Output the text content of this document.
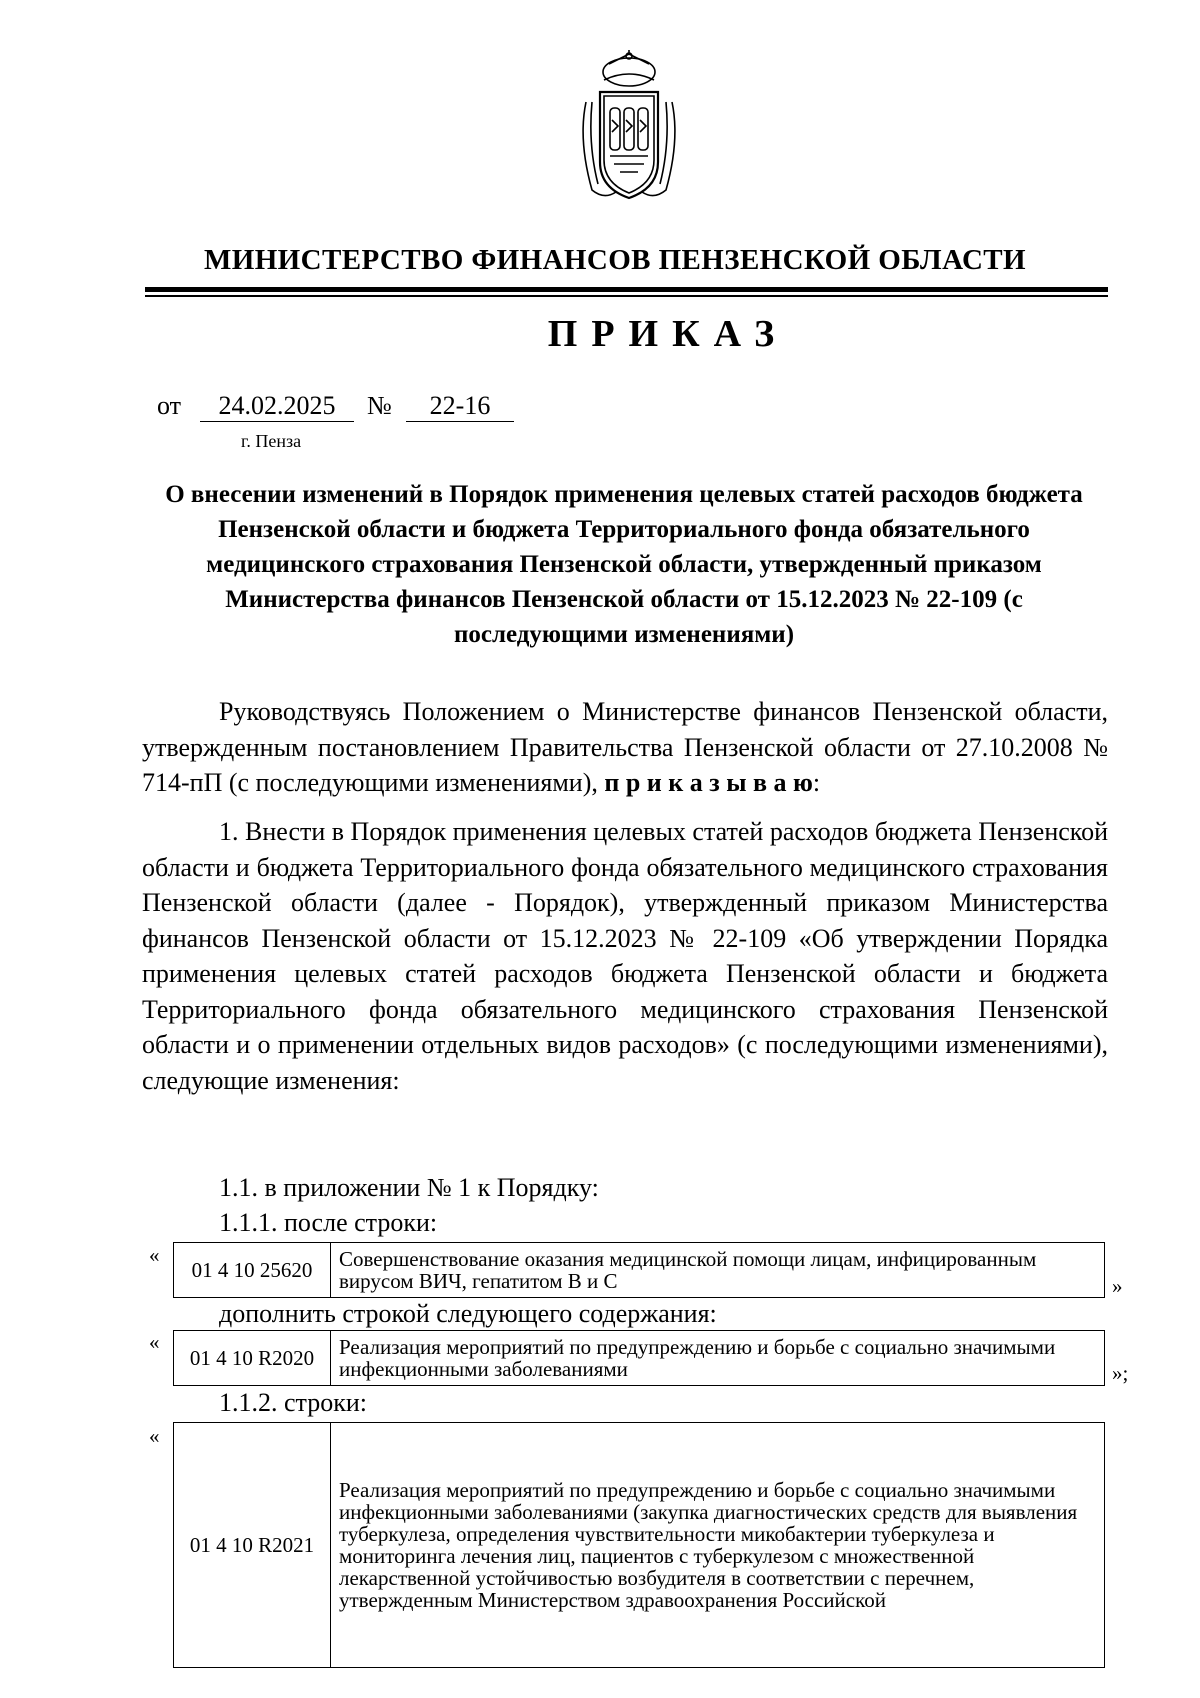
МИНИСТЕРСТВО ФИНАНСОВ ПЕНЗЕНСКОЙ ОБЛАСТИ
ПРИКАЗ
от	24.02.2025	№	22-16
г. Пенза
О внесении изменений в Порядок применения целевых статей расходов бюджета Пензенской области и бюджета Территориального фонда обязательного медицинского страхования Пензенской области, утвержденный приказом Министерства финансов Пензенской области от 15.12.2023 № 22-109 (с последующими изменениями)
Руководствуясь Положением о Министерстве финансов Пензенской области, утвержденным постановлением Правительства Пензенской области от 27.10.2008 № 714-пП (с последующими изменениями), п р и к а з ы в а ю:
1. Внести в Порядок применения целевых статей расходов бюджета Пензенской области и бюджета Территориального фонда обязательного медицинского страхования Пензенской области (далее - Порядок), утвержденный приказом Министерства финансов Пензенской области от 15.12.2023 № 22-109 «Об утверждении Порядка применения целевых статей расходов бюджета Пензенской области и бюджета Территориального фонда обязательного медицинского страхования Пензенской области и о применении отдельных видов расходов» (с последующими изменениями), следующие изменения:
1.1. в приложении № 1 к Порядку:
1.1.1. после строки:
«
01 4 10 25620	Совершенствование оказания медицинской помощи лицам, инфицированным вирусом ВИЧ, гепатитом В и С	»
дополнить строкой следующего содержания:
«
01 4 10 R2020	Реализация мероприятий по предупреждению и борьбе с социально значимыми инфекционными заболеваниями	»;
1.1.2. строки:
«
01 4 10 R2021	Реализация мероприятий по предупреждению и борьбе с социально значимыми инфекционными заболеваниями (закупка диагностических средств для выявления туберкулеза, определения чувствительности микобактерии туберкулеза и мониторинга лечения лиц, пациентов с туберкулезом с множественной лекарственной устойчивостью возбудителя в соответствии с перечнем, утвержденным Министерством здравоохранения Российской
